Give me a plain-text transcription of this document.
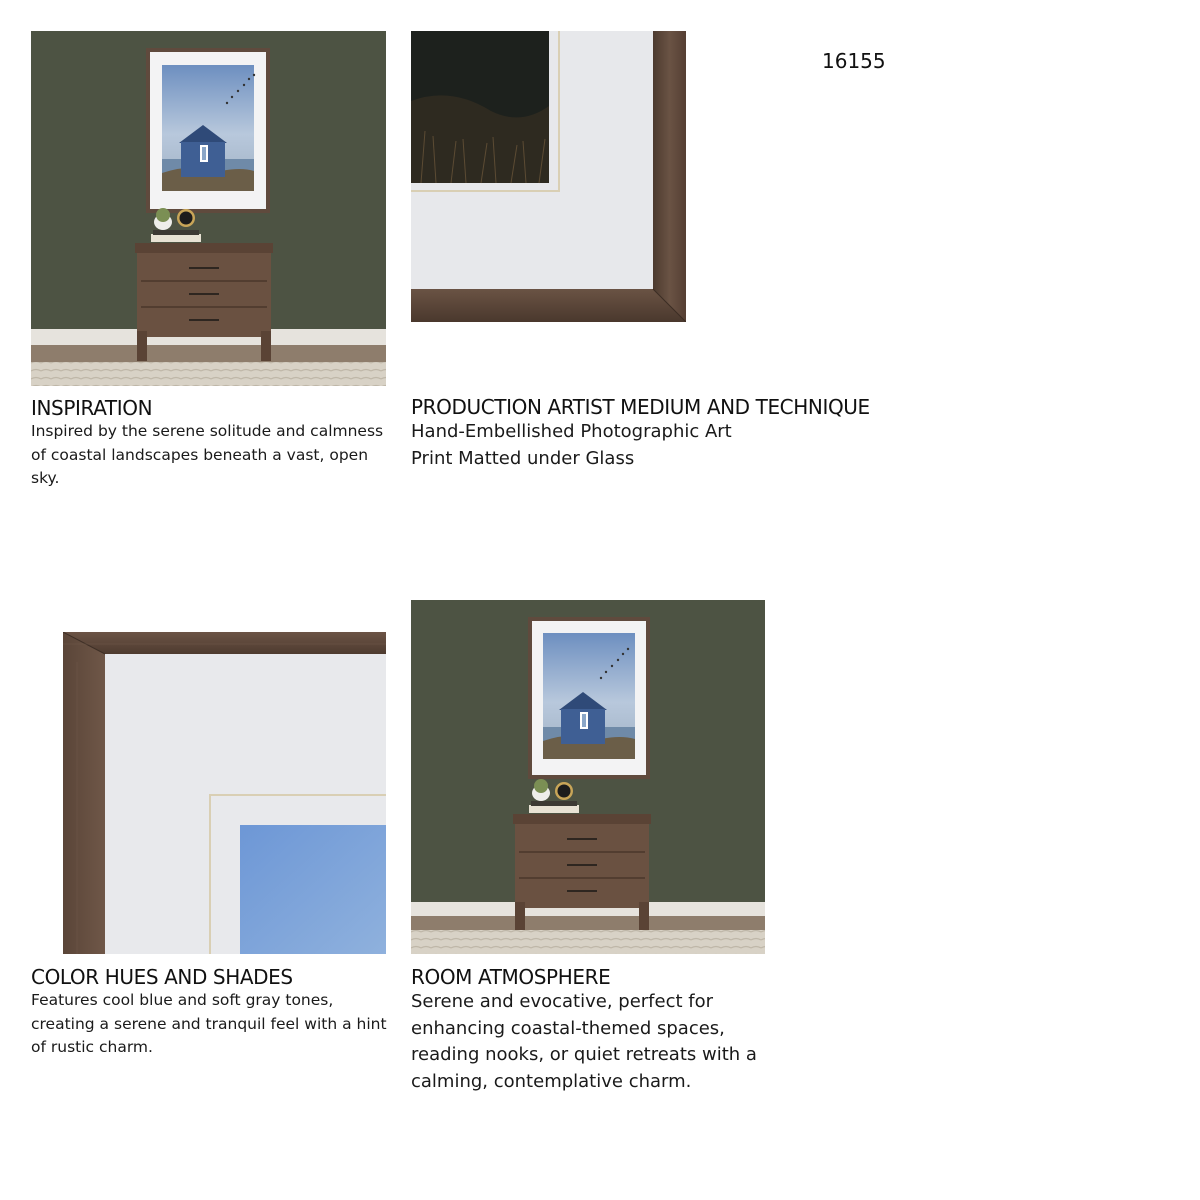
16155
INSPIRATION
Inspired by the serene solitude and calmness
of coastal landscapes beneath a vast, open
sky.
PRODUCTION ARTIST MEDIUM AND TECHNIQUE
Hand-Embellished Photographic Art
Print Matted under Glass
COLOR HUES AND SHADES
Features cool blue and soft gray tones,
creating a serene and tranquil feel with a hint
of rustic charm.
ROOM ATMOSPHERE
Serene and evocative, perfect for
enhancing coastal-themed spaces,
reading nooks, or quiet retreats with a
calming, contemplative charm.
